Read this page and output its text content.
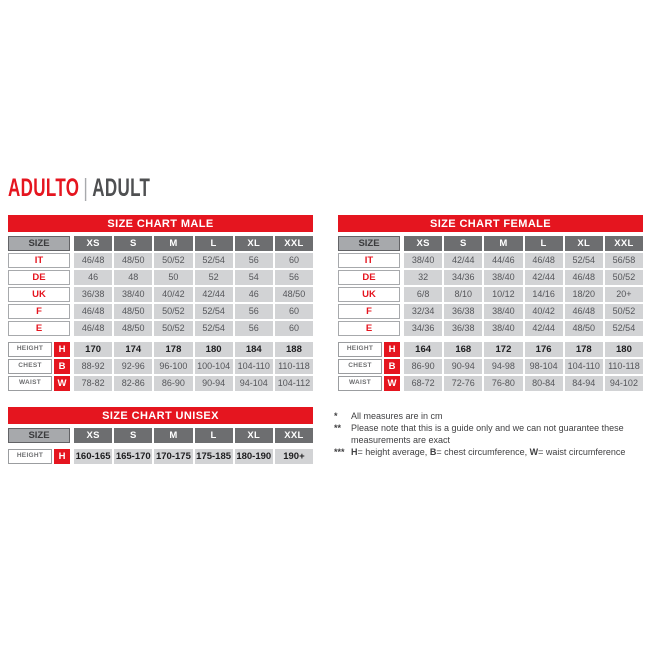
ADULTO | ADULT
SIZE CHART MALE
SIZE	XS	S	M	L	XL	XXL
IT	46/48	48/50	50/52	52/54	56	60
DE	46	48	50	52	54	56
UK	36/38	38/40	40/42	42/44	46	48/50
F	46/48	48/50	50/52	52/54	56	60
E	46/48	48/50	50/52	52/54	56	60
HEIGHT	H	170	174	178	180	184	188
CHEST	B	88-92	92-96	96-100	100-104 104-110 110-118
WAIST	W	78-82	82-86	86-90	90-94	94-104	104-112
SIZE CHART FEMALE
SIZE	XS	S	M	L	XL	XXL
IT	38/40	42/44	44/46	46/48	52/54	56/58
DE	32	34/36	38/40	42/44	46/48	50/52
UK	6/8	8/10	10/12	14/16	18/20	20+
F	32/34	36/38	38/40	40/42	46/48	50/52
E	34/36	36/38	38/40	42/44	48/50	52/54
HEIGHT	H	164	168	172	176	178	180
CHEST	B	86-90	90-94	94-98	98-104	104-110 110-118
WAIST	W	68-72	72-76	76-80	80-84	84-94	94-102
SIZE CHART UNISEX
SIZE	XS	S	M	L	XL	XXL
HEIGHT	H	160-165 165-170 170-175 175-185 180-190	190+
*	All measures are in cm
**	Please note that this is a guide only and we can not guarantee these measurements are exact
*** H= height average, B= chest circumference, W= waist circumference
